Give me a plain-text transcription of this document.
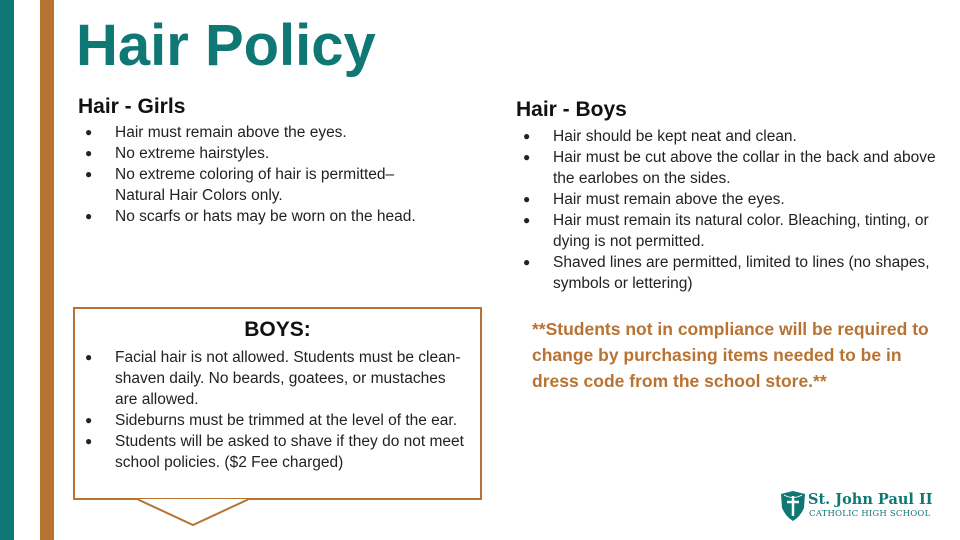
Hair Policy
Hair - Girls
● Hair must remain above the eyes.
● No extreme hairstyles.
● No extreme coloring of hair is permitted–Natural Hair Colors only.
● No scarfs or hats may be worn on the head.
Hair - Boys
● Hair should be kept neat and clean.
● Hair must be cut above the collar in the back and above the earlobes on the sides.
● Hair must remain above the eyes.
● Hair must remain its natural color. Bleaching, tinting, or dying is not permitted.
● Shaved lines are permitted, limited to lines (no shapes, symbols or lettering)
BOYS:
● Facial hair is not allowed. Students must be clean-shaven daily. No beards, goatees, or mustaches are allowed.
● Sideburns must be trimmed at the level of the ear.
● Students will be asked to shave if they do not meet school policies. ($2 Fee charged)

**Students not in compliance will be required to change by purchasing items needed to be in dress code from the school store.**

St. John Paul II
CATHOLIC HIGH SCHOOL
